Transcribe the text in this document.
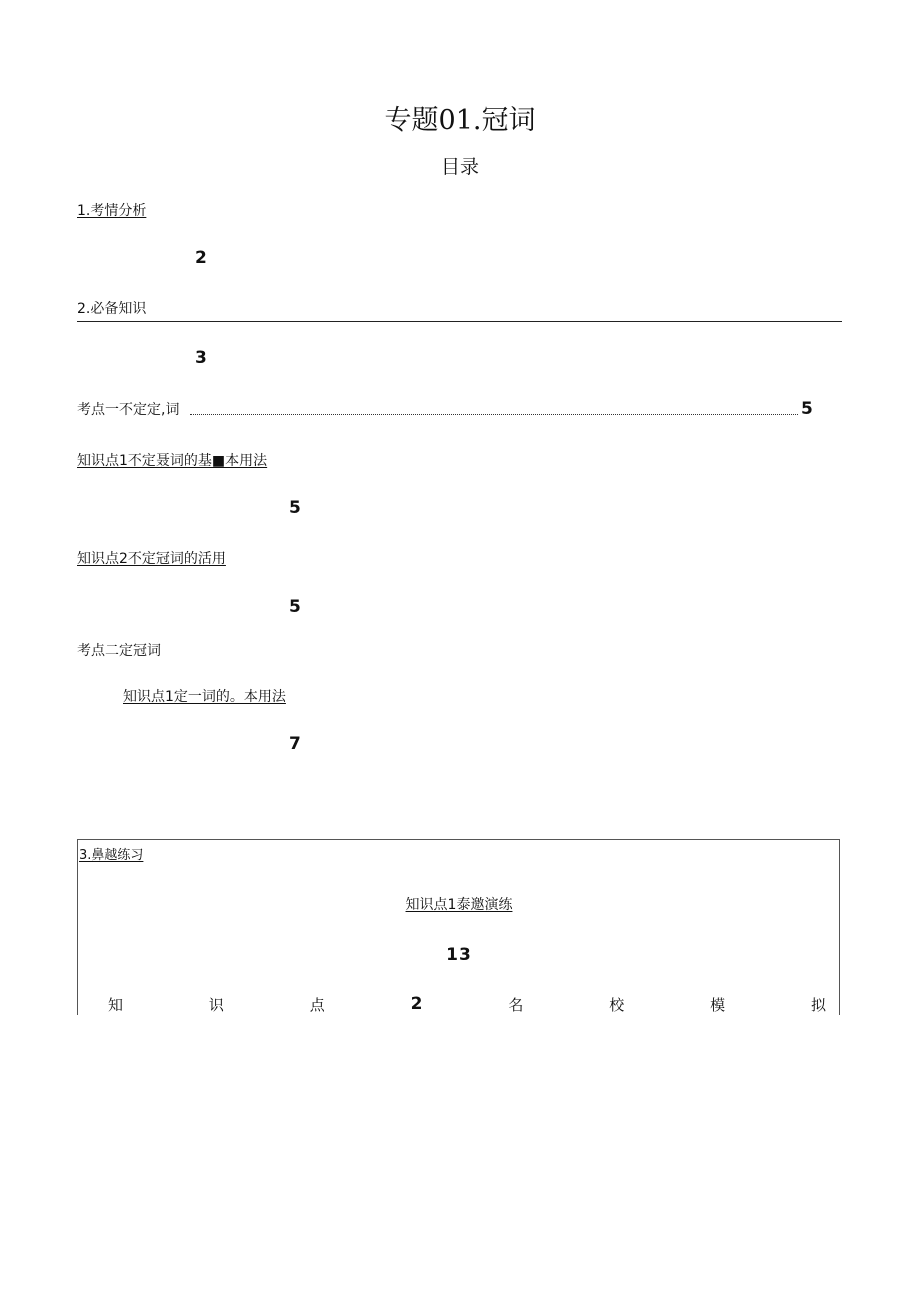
专题01.冠词
目录
1.考情分析
2
2.必备知识
3
考点一不定定,词	5
知识点1不定聂词的基■本用法
5
知识点2不定冠词的活用
5
考点二定冠词
知识点1定一词的。本用法
7
3.鼻越练习
知识点1泰邀演练
13
知	识	点	2	名	校	模	拟
